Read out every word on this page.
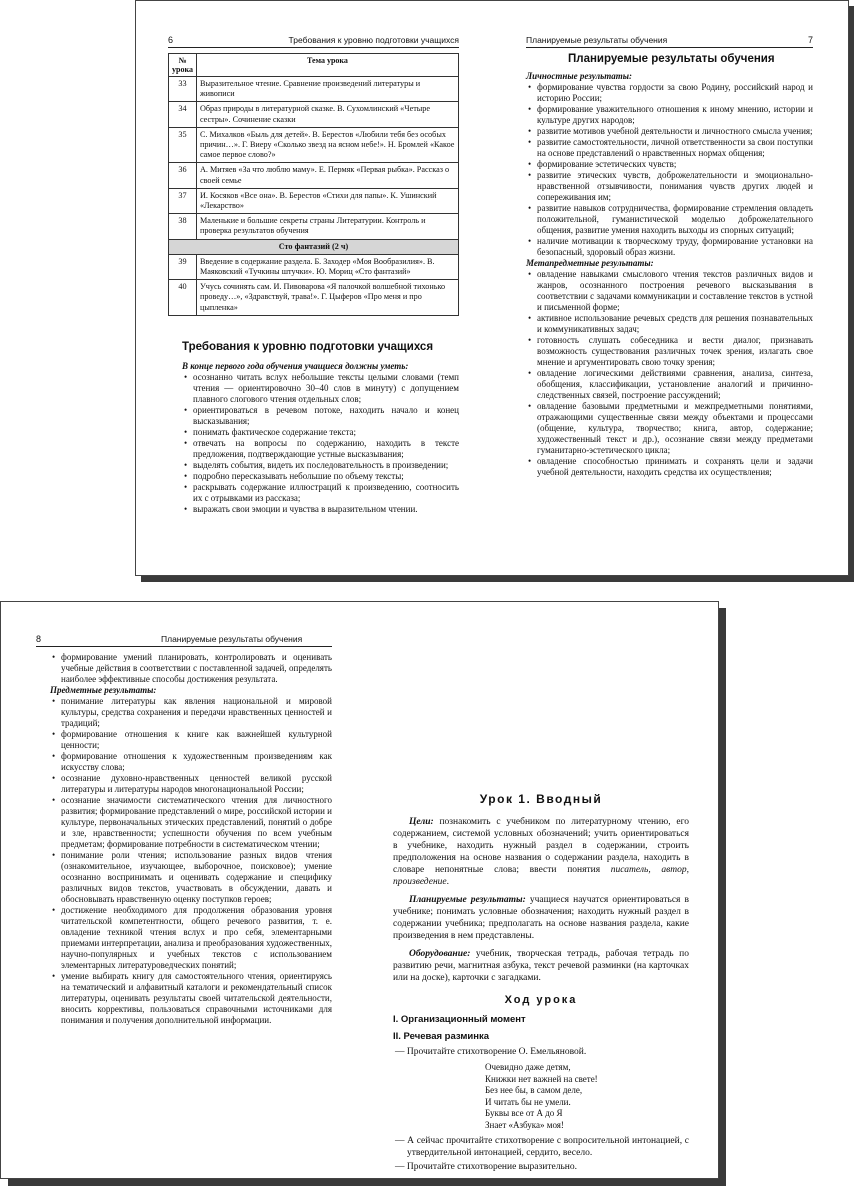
6	Требования к уровню подготовки учащихся
№ урока	Тема урока
33	Выразительное чтение. Сравнение произведений литературы и живописи
34	Образ природы в литературной сказке. В. Сухомлинский «Четыре сестры». Сочинение сказки
35	С. Михалков «Быль для детей». В. Берестов «Любили тебя без особых причин…». Г. Виеру «Сколько звезд на ясном небе!». Н. Бромлей «Какое самое первое слово?»
36	А. Митяев «За что люблю маму». Е. Пермяк «Первая рыбка». Рассказ о своей семье
37	И. Косяков «Все она». В. Берестов «Стихи для папы». К. Ушинский «Лекарство»
38	Маленькие и большие секреты страны Литературии. Контроль и проверка результатов обучения
Сто фантазий (2 ч)	
39	Введение в содержание раздела. Б. Заходер «Моя Вообразилия». В. Маяковский «Тучкины штучки». Ю. Мориц «Сто фантазий»
40	Учусь сочинять сам. И. Пивоварова «Я палочкой волшебной тихонько проведу…», «Здравствуй, трава!». Г. Цыферов «Про меня и про цыпленка»
Требования к уровню подготовки учащихся

В конце первого года обучения учащиеся должны уметь:

• осознанно читать вслух небольшие тексты целыми словами (темп чтения — ориентировочно 30–40 слов в минуту) с допущением плавного слогового чтения отдельных слов;
• ориентироваться в речевом потоке, находить начало и конец высказывания;
• понимать фактическое содержание текста;
• отвечать на вопросы по содержанию, находить в тексте предложения, подтверждающие устные высказывания;
• выделять события, видеть их последовательность в произведении;
• подробно пересказывать небольшие по объему тексты;
• раскрывать содержание иллюстраций к произведению, соотносить их с отрывками из рассказа;
• выражать свои эмоции и чувства в выразительном чтении.
Планируемые результаты обучения	7
Планируемые результаты обучения

Личностные результаты:

• формирование чувства гордости за свою Родину, российский народ и историю России;
• формирование уважительного отношения к иному мнению, истории и культуре других народов;
• развитие мотивов учебной деятельности и личностного смысла учения;
• развитие самостоятельности, личной ответственности за свои поступки на основе представлений о нравственных нормах общения;
• формирование эстетических чувств;
• развитие этических чувств, доброжелательности и эмоционально-нравственной отзывчивости, понимания чувств других людей и сопереживания им;
• развитие навыков сотрудничества, формирование стремления овладеть положительной, гуманистической моделью доброжелательного общения, развитие умения находить выходы из спорных ситуаций;
• наличие мотивации к творческому труду, формирование установки на безопасный, здоровый образ жизни.

Метапредметные результаты:

• овладение навыками смыслового чтения текстов различных видов и жанров, осознанного построения речевого высказывания в соответствии с задачами коммуникации и составление текстов в устной и письменной форме;
• активное использование речевых средств для решения познавательных и коммуникативных задач;
• готовность слушать собеседника и вести диалог, признавать возможность существования различных точек зрения, излагать свое мнение и аргументировать свою точку зрения;
• овладение логическими действиями сравнения, анализа, синтеза, обобщения, классификации, установление аналогий и причинно-следственных связей, построение рассуждений;
• овладение базовыми предметными и межпредметными понятиями, отражающими существенные связи между объектами и процессами (общение, культура, творчество; книга, автор, содержание; художественный текст и др.), осознание связи между предметами гуманитарно-эстетического цикла;
• овладение способностью принимать и сохранять цели и задачи учебной деятельности, находить средства их осуществления;
8	Планируемые результаты обучения
• формирование умений планировать, контролировать и оценивать учебные действия в соответствии с поставленной задачей, определять наиболее эффективные способы достижения результата.

Предметные результаты:

• понимание литературы как явления национальной и мировой культуры, средства сохранения и передачи нравственных ценностей и традиций;
• формирование отношения к книге как важнейшей культурной ценности;
• формирование отношения к художественным произведениям как искусству слова;
• осознание духовно-нравственных ценностей великой русской литературы и литературы народов многонациональной России;
• осознание значимости систематического чтения для личностного развития; формирование представлений о мире, российской истории и культуре, первоначальных этических представлений, понятий о добре и зле, нравственности; успешности обучения по всем учебным предметам; формирование потребности в систематическом чтении;
• понимание роли чтения; использование разных видов чтения (ознакомительное, изучающее, выборочное, поисковое); умение осознанно воспринимать и оценивать содержание и специфику различных видов текстов, участвовать в обсуждении, давать и обосновывать нравственную оценку поступков героев;
• достижение необходимого для продолжения образования уровня читательской компетентности, общего речевого развития, т. е. овладение техникой чтения вслух и про себя, элементарными приемами интерпретации, анализа и преобразования художественных, научно-популярных и учебных текстов с использованием элементарных литературоведческих понятий;
• умение выбирать книгу для самостоятельного чтения, ориентируясь на тематический и алфавитный каталоги и рекомендательный список литературы, оценивать результаты своей читательской деятельности, вносить коррективы, пользоваться справочными источниками для понимания и получения дополнительной информации.
Урок 1. Вводный

Цели: познакомить с учебником по литературному чтению, его содержанием, системой условных обозначений; учить ориентироваться в учебнике, находить нужный раздел в содержании, строить предположения на основе названия о содержании раздела, находить в словаре непонятные слова; ввести понятия писатель, автор, произведение.

Планируемые результаты: учащиеся научатся ориентироваться в учебнике; понимать условные обозначения; находить нужный раздел в содержании учебника; предполагать на основе названия раздела, какие произведения в нем представлены.

Оборудование: учебник, творческая тетрадь, рабочая тетрадь по развитию речи, магнитная азбука, текст речевой разминки (на карточках или на доске), карточки с загадками.

Ход урока
I. Организационный момент
II. Речевая разминка

— Прочитайте стихотворение О. Емельяновой.

Очевидно даже детям,
Книжки нет важней на свете!
Без нее бы, в самом деле,
И читать бы не умели.
Буквы все от А до Я
Знает «Азбука» моя!

— А сейчас прочитайте стихотворение с вопросительной интонацией, с утвердительной интонацией, сердито, весело.

— Прочитайте стихотворение выразительно.
